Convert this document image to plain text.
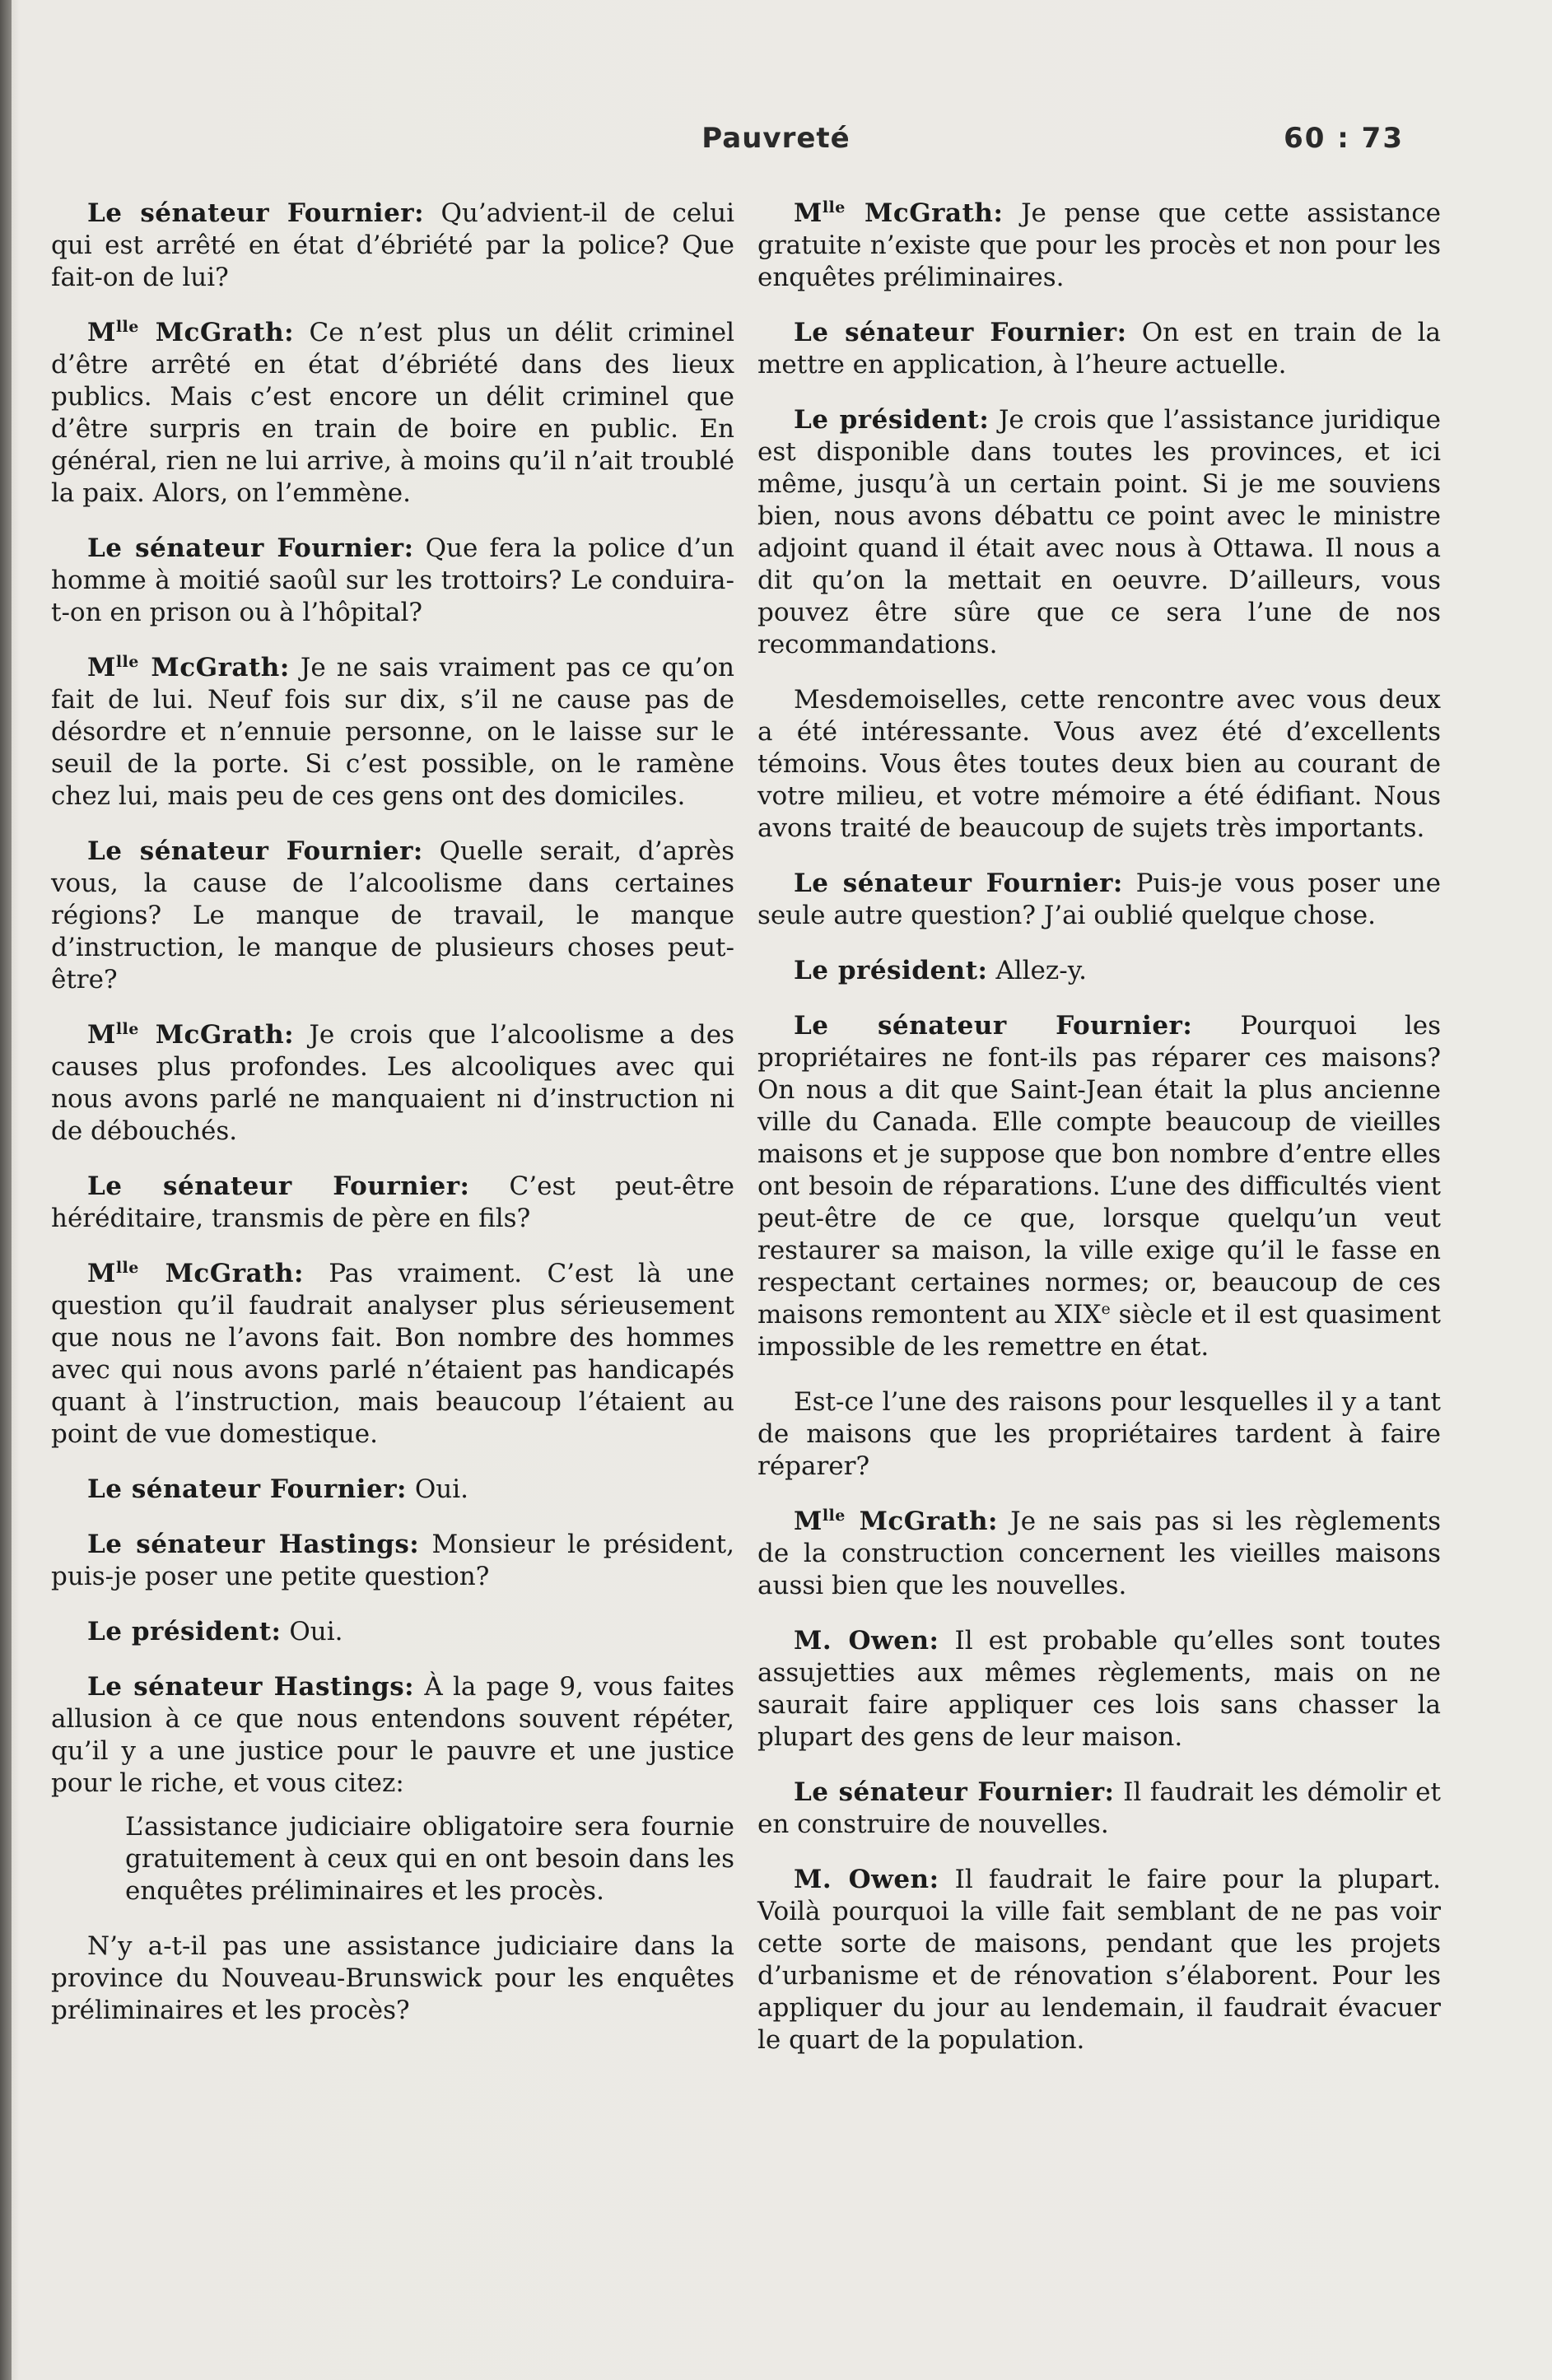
Pauvreté	60 : 73

Le sénateur Fournier: Qu’advient-il de celui qui est arrêté en état d’ébriété par la police? Que fait-on de lui?

$M^{lle}$ McGrath: Ce n’est plus un délit criminel d’être arrêté en état d’ébriété dans des lieux publics. Mais c’est encore un délit criminel que d’être surpris en train de boire en public. En général, rien ne lui arrive, à moins qu’il n’ait troublé la paix. Alors, on l’emmène.

Le sénateur Fournier: Que fera la police d’un homme à moitié saoûl sur les trottoirs? Le conduira-t-on en prison ou à l’hôpital?

$M^{lle}$ McGrath: Je ne sais vraiment pas ce qu’on fait de lui. Neuf fois sur dix, s’il ne cause pas de désordre et n’ennuie personne, on le laisse sur le seuil de la porte. Si c’est possible, on le ramène chez lui, mais peu de ces gens ont des domiciles.

Le sénateur Fournier: Quelle serait, d’après vous, la cause de l’alcoolisme dans certaines régions? Le manque de travail, le manque d’instruction, le manque de plusieurs choses peut-être?

$M^{lle}$ McGrath: Je crois que l’alcoolisme a des causes plus profondes. Les alcooliques avec qui nous avons parlé ne manquaient ni d’instruction ni de débouchés.

Le sénateur Fournier: C’est peut-être héréditaire, transmis de père en fils?

$M^{lle}$ McGrath: Pas vraiment. C’est là une question qu’il faudrait analyser plus sérieusement que nous ne l’avons fait. Bon nombre des hommes avec qui nous avons parlé n’étaient pas handicapés quant à l’instruction, mais beaucoup l’étaient au point de vue domestique.

Le sénateur Fournier: Oui.

Le sénateur Hastings: Monsieur le président, puis-je poser une petite question?

Le président: Oui.

Le sénateur Hastings: À la page 9, vous faites allusion à ce que nous entendons souvent répéter, qu’il y a une justice pour le pauvre et une justice pour le riche, et vous citez:

L’assistance judiciaire obligatoire sera fournie gratuitement à ceux qui en ont besoin dans les enquêtes préliminaires et les procès.

N’y a-t-il pas une assistance judiciaire dans la province du Nouveau-Brunswick pour les enquêtes préliminaires et les procès?

$M^{lle}$ McGrath: Je pense que cette assistance gratuite n’existe que pour les procès et non pour les enquêtes préliminaires.

Le sénateur Fournier: On est en train de la mettre en application, à l’heure actuelle.

Le président: Je crois que l’assistance juridique est disponible dans toutes les provinces, et ici même, jusqu’à un certain point. Si je me souviens bien, nous avons débattu ce point avec le ministre adjoint quand il était avec nous à Ottawa. Il nous a dit qu’on la mettait en oeuvre. D’ailleurs, vous pouvez être sûre que ce sera l’une de nos recommandations.

Mesdemoiselles, cette rencontre avec vous deux a été intéressante. Vous avez été d’excellents témoins. Vous êtes toutes deux bien au courant de votre milieu, et votre mémoire a été édifiant. Nous avons traité de beaucoup de sujets très importants.

Le sénateur Fournier: Puis-je vous poser une seule autre question? J’ai oublié quelque chose.

Le président: Allez-y.

Le sénateur Fournier: Pourquoi les propriétaires ne font-ils pas réparer ces maisons? On nous a dit que Saint-Jean était la plus ancienne ville du Canada. Elle compte beaucoup de vieilles maisons et je suppose que bon nombre d’entre elles ont besoin de réparations. L’une des difficultés vient peut-être de ce que, lorsque quelqu’un veut restaurer sa maison, la ville exige qu’il le fasse en respectant certaines normes; or, beaucoup de ces maisons remontent au XIXe siècle et il est quasiment impossible de les remettre en état.

Est-ce l’une des raisons pour lesquelles il y a tant de maisons que les propriétaires tardent à faire réparer?

$M^{lle}$ McGrath: Je ne sais pas si les règlements de la construction concernent les vieilles maisons aussi bien que les nouvelles.

M. Owen: Il est probable qu’elles sont toutes assujetties aux mêmes règlements, mais on ne saurait faire appliquer ces lois sans chasser la plupart des gens de leur maison.

Le sénateur Fournier: Il faudrait les démolir et en construire de nouvelles.

M. Owen: Il faudrait le faire pour la plupart. Voilà pourquoi la ville fait semblant de ne pas voir cette sorte de maisons, pendant que les projets d’urbanisme et de rénovation s’élaborent. Pour les appliquer du jour au lendemain, il faudrait évacuer le quart de la population.
